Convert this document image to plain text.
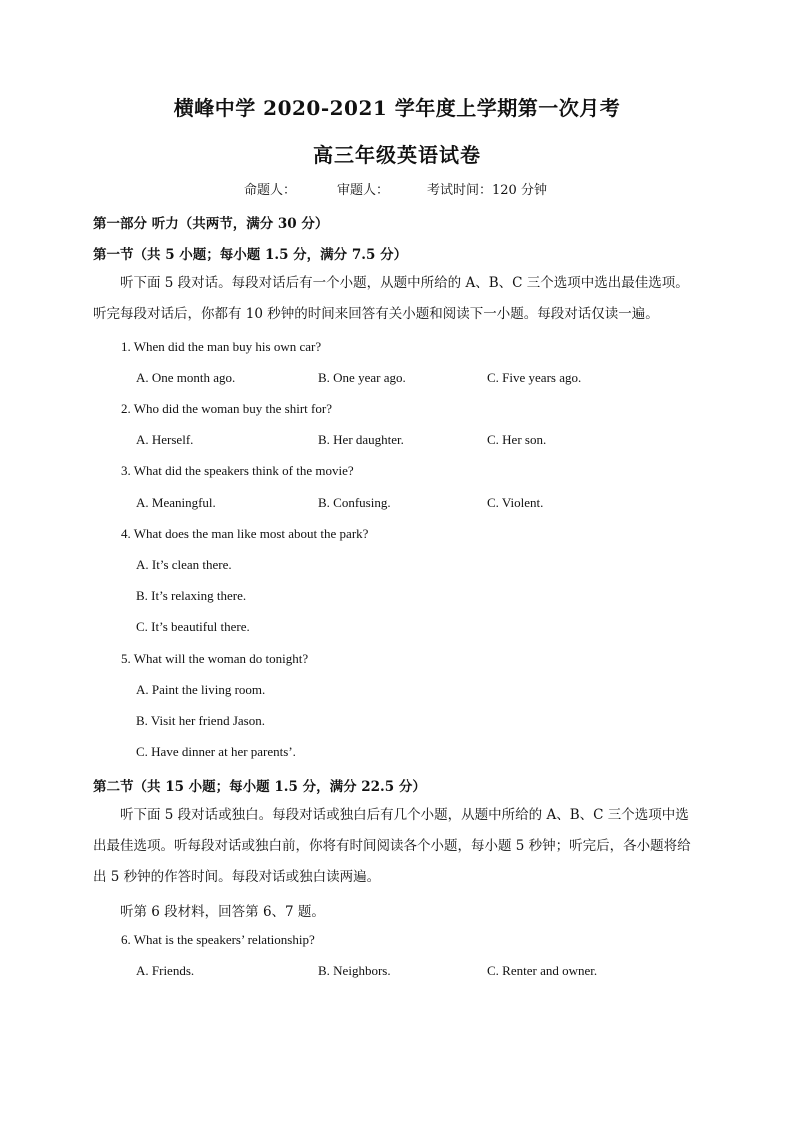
横峰中学 2020-2021 学年度上学期第一次月考
高三年级英语试卷
命题人：	审题人：	考试时间：120 分钟
第一部分 听力（共两节，满分 30 分）
第一节（共 5 小题；每小题 1.5 分，满分 7.5 分）

听下面 5 段对话。每段对话后有一个小题，从题中所给的 A、B、C 三个选项中选出最佳选项。听完每段对话后，你都有 10 秒钟的时间来回答有关小题和阅读下一小题。每段对话仅读一遍。

1. When did the man buy his own car?
A. One month ago.	B. One year ago.	C. Five years ago.
2. Who did the woman buy the shirt for?
A. Herself.	B. Her daughter.	C. Her son.
3. What did the speakers think of the movie?
A. Meaningful.	B. Confusing.	C. Violent.
4. What does the man like most about the park?
A. It’s clean there.
B. It’s relaxing there.
C. It’s beautiful there.
5. What will the woman do tonight?
A. Paint the living room.
B. Visit her friend Jason.
C. Have dinner at her parents’.
第二节（共 15 小题；每小题 1.5 分，满分 22.5 分）

听下面 5 段对话或独白。每段对话或独白后有几个小题，从题中所给的 A、B、C 三个选项中选出最佳选项。听每段对话或独白前，你将有时间阅读各个小题，每小题 5 秒钟；听完后，各小题将给出 5 秒钟的作答时间。每段对话或独白读两遍。

听第 6 段材料，回答第 6、7 题。
6. What is the speakers’ relationship?
A. Friends.	B. Neighbors.	C. Renter and owner.
